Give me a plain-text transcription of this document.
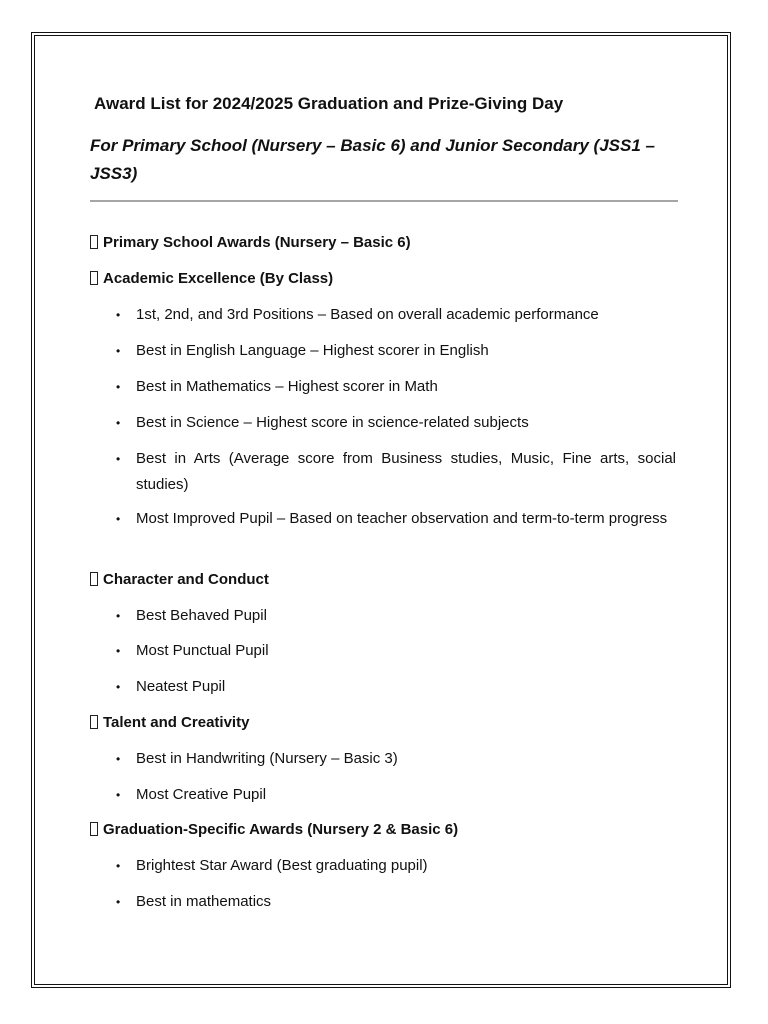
Award List for 2024/2025 Graduation and Prize-Giving Day
For Primary School (Nursery – Basic 6) and Junior Secondary (JSS1 – JSS3)
Primary School Awards (Nursery – Basic 6)
Academic Excellence (By Class)
• 1st, 2nd, and 3rd Positions – Based on overall academic performance
• Best in English Language – Highest scorer in English
• Best in Mathematics – Highest scorer in Math
• Best in Science – Highest score in science-related subjects
• Best in Arts (Average score from Business studies, Music, Fine arts, social studies)
• Most Improved Pupil – Based on teacher observation and term-to-term progress
Character and Conduct
• Best Behaved Pupil
• Most Punctual Pupil
• Neatest Pupil
Talent and Creativity
• Best in Handwriting (Nursery – Basic 3)
• Most Creative Pupil
Graduation-Specific Awards (Nursery 2 & Basic 6)
• Brightest Star Award (Best graduating pupil)
• Best in mathematics
